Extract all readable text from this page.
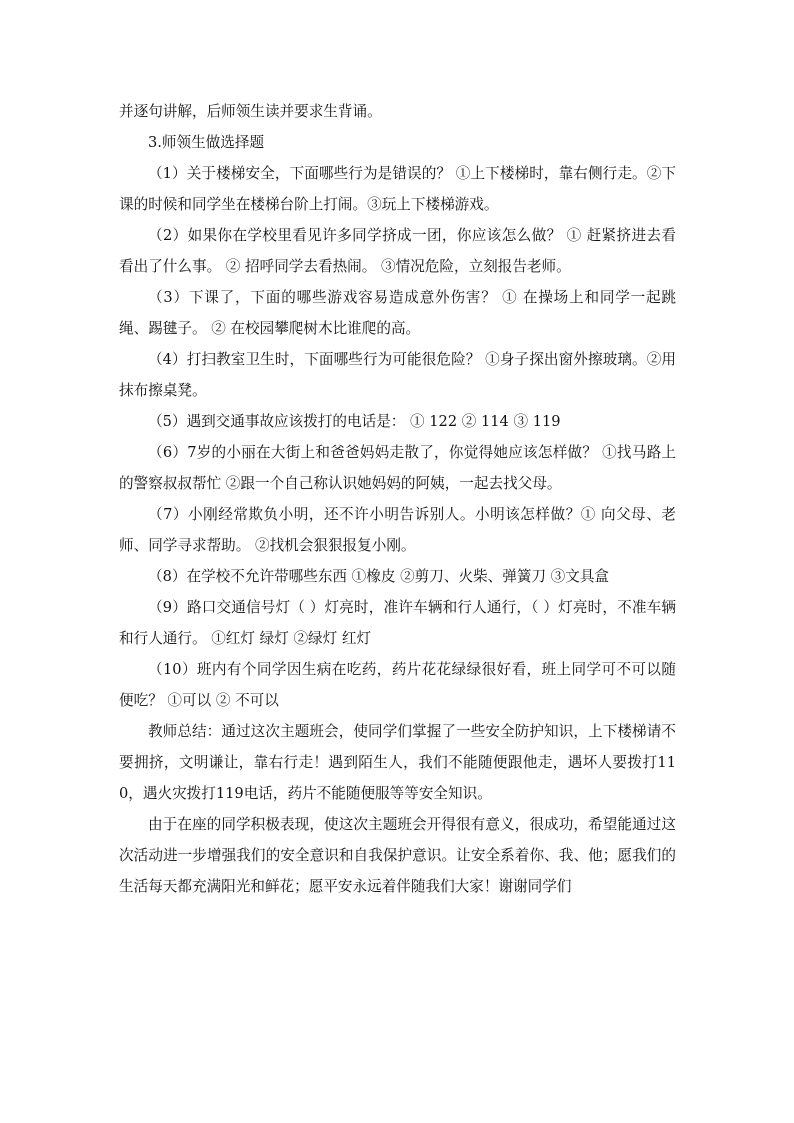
并逐句讲解，后师领生读并要求生背诵。

3.师领生做选择题

（1）关于楼梯安全，下面哪些行为是错误的？ ①上下楼梯时，靠右侧行走。②下课的时候和同学坐在楼梯台阶上打闹。③玩上下楼梯游戏。

（2）如果你在学校里看见许多同学挤成一团，你应该怎么做？ ① 赶紧挤进去看看出了什么事。 ② 招呼同学去看热闹。 ③情况危险，立刻报告老师。

（3）下课了，下面的哪些游戏容易造成意外伤害？ ① 在操场上和同学一起跳绳、踢毽子。 ② 在校园攀爬树木比谁爬的高。

（4）打扫教室卫生时，下面哪些行为可能很危险？ ①身子探出窗外擦玻璃。②用抹布擦桌凳。

（5）遇到交通事故应该拨打的电话是： ① 122 ② 114 ③ 119

（6）7岁的小丽在大街上和爸爸妈妈走散了，你觉得她应该怎样做？ ①找马路上的警察叔叔帮忙 ②跟一个自己称认识她妈妈的阿姨，一起去找父母。

（7）小刚经常欺负小明，还不许小明告诉别人。小明该怎样做？① 向父母、老师、同学寻求帮助。 ②找机会狠狠报复小刚。

（8）在学校不允许带哪些东西 ①橡皮 ②剪刀、火柴、弹簧刀 ③文具盒

（9）路口交通信号灯（ ）灯亮时，准许车辆和行人通行，（ ）灯亮时，不准车辆和行人通行。 ①红灯 绿灯 ②绿灯 红灯

（10）班内有个同学因生病在吃药，药片花花绿绿很好看，班上同学可不可以随便吃？ ①可以 ② 不可以

教师总结：通过这次主题班会，使同学们掌握了一些安全防护知识，上下楼梯请不要拥挤，文明谦让，靠右行走！遇到陌生人，我们不能随便跟他走，遇坏人要拨打110，遇火灾拨打119电话，药片不能随便服等等安全知识。

由于在座的同学积极表现，使这次主题班会开得很有意义，很成功，希望能通过这次活动进一步增强我们的安全意识和自我保护意识。让安全系着你、我、他；愿我们的生活每天都充满阳光和鲜花；愿平安永远着伴随我们大家！谢谢同学们
